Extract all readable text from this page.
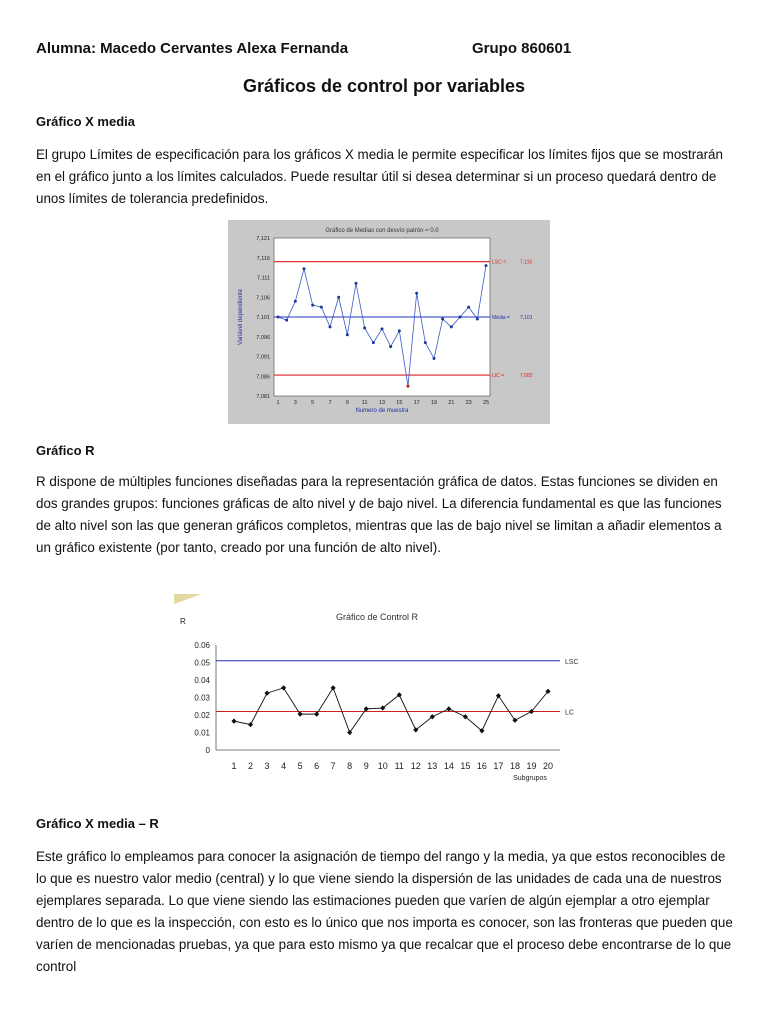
Alumna: Macedo Cervantes Alexa Fernanda	Grupo 860601
Gráficos de control por variables
Gráfico X media

El grupo Límites de especificación para los gráficos X media le permite especificar los límites fijos que se mostrarán en el gráfico junto a los límites calculados. Puede resultar útil si desea determinar si un proceso quedará dentro de unos límites de tolerancia predefinidos.

Gráfico de Medias con desvío patrón = 0,0
7,121
7,116
7,111
7,106
7,101
7,096
7,091
7,086
7,081
1	3	5	7	9 11 13 15 17 19 21 23 25
Numero de muestra
Variável dependiente
LSC =	7,115
Média = 7,101
LIC =	7,082
Gráfico R

R dispone de múltiples funciones diseñadas para la representación gráfica de datos. Estas funciones se dividen en dos grandes grupos: funciones gráficas de alto nivel y de bajo nivel. La diferencia fundamental es que las funciones de alto nivel son las que generan gráficos completos, mientras que las de bajo nivel se limitan a añadir elementos a un gráfico existente (por tanto, creado por una función de alto nivel).

Gráfico de Control R
R
0.06
0.05
0.04
0.03
0.02
0.01
0
1 2 3 4 5 6 7 8 9 10 11 12 13 14 15 16 17 18 19 20
Subgrupos
LSC
LC
Gráfico X media – R

Este gráfico lo empleamos para conocer la asignación de tiempo del rango y la media, ya que estos reconocibles de lo que es nuestro valor medio (central) y lo que viene siendo la dispersión de las unidades de cada una de nuestros ejemplares separada. Lo que viene siendo las estimaciones pueden que varíen de algún ejemplar a otro ejemplar dentro de lo que es la inspección, con esto es lo único que nos importa es conocer, son las fronteras que pueden que varíen de mencionadas pruebas, ya que para esto mismo ya que recalcar que el proceso debe encontrarse de lo que control
